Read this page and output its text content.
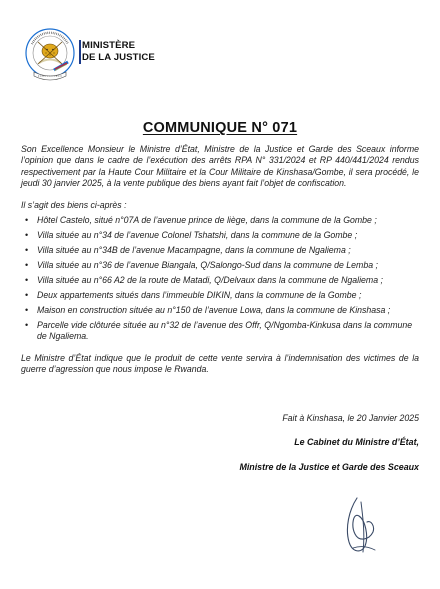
MINISTÈRE
DE LA JUSTICE
COMMUNIQUE N° 071

Son Excellence Monsieur le Ministre d’État, Ministre de la Justice et Garde des Sceaux informe l’opinion que dans le cadre de l’exécution des arrêts RPA N° 331/2024 et RP 440/441/2024 rendus respectivement par la Haute Cour Militaire et la Cour Militaire de Kinshasa/Gombe, il sera procédé, le jeudi 30 janvier 2025, à la vente publique des biens ayant fait l’objet de confiscation.

Il s’agit des biens ci-après :

• Hôtel Castelo, situé n°07A de l’avenue prince de liège, dans la commune de la Gombe ;
• Villa située au n°34 de l’avenue Colonel Tshatshi, dans la commune de la Gombe ;
• Villa située au n°34B de l’avenue Macampagne, dans la commune de Ngaliema ;
• Villa située au n°36 de l’avenue Biangala, Q/Salongo-Sud dans la commune de Lemba ;
• Villa située au n°66 A2 de la route de Matadi, Q/Delvaux dans la commune de Ngaliema ;
• Deux appartements situés dans l’immeuble DIKIN, dans la commune de la Gombe ;
• Maison en construction située au n°150 de l’avenue Lowa, dans la commune de Kinshasa ;
• Parcelle vide clôturée située au n°32 de l’avenue des Offr, Q/Ngomba-Kinkusa dans la commune de Ngaliema.

Le Ministre d’État indique que le produit de cette vente servira à l’indemnisation des victimes de la guerre d’agression que nous impose le Rwanda.

Fait à Kinshasa, le 20 Janvier 2025
Le Cabinet du Ministre d’État,
Ministre de la Justice et Garde des Sceaux
